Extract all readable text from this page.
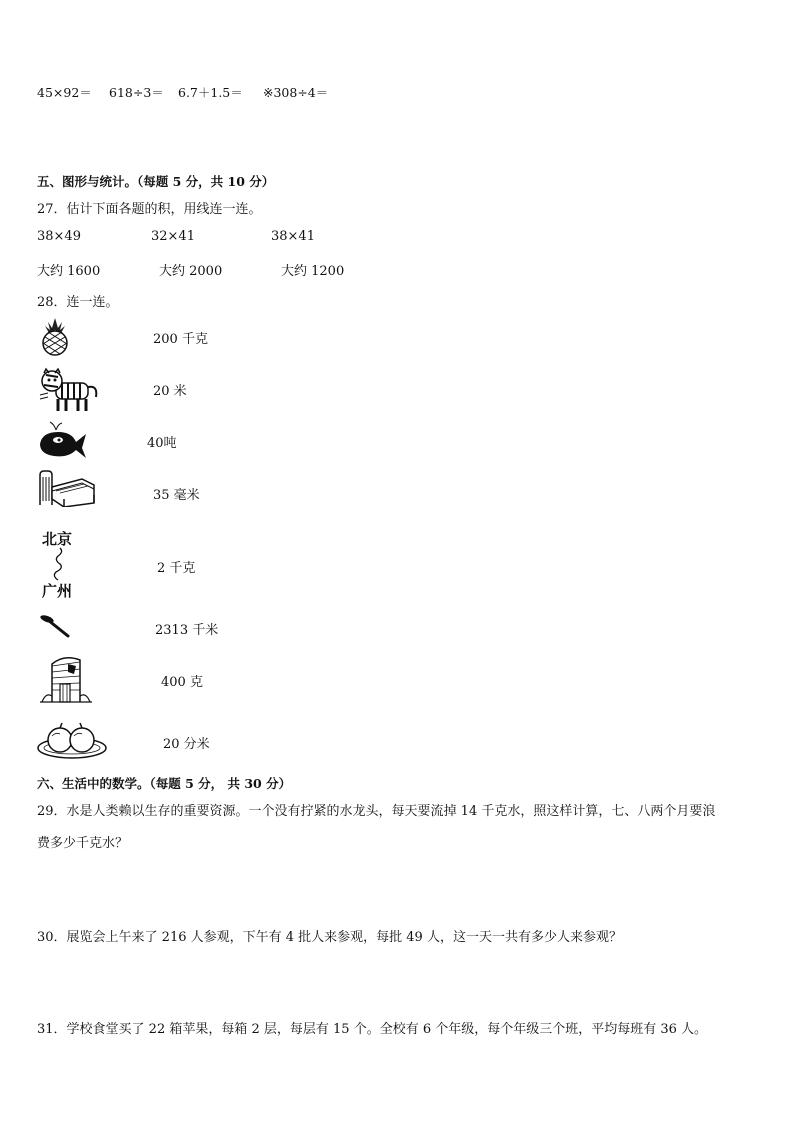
45×92＝ 618÷3＝ 6.7＋1.5＝ ※308÷4＝
五、图形与统计。（每题 5 分，共 10 分）
27．估计下面各题的积，用线连一连。
38×49	32×41	38×41
大约 1600	大约 2000	大约 1200
28．连一连。
200 千克
20 米
40吨
35 毫米
北京
广州
2 千克
2313 千米
400 克
20 分米
六、生活中的数学。（每题 5 分， 共 30 分）
29．水是人类赖以生存的重要资源。一个没有拧紧的水龙头，每天要流掉 14 千克水，照这样计算，七、八两个月要浪
费多少千克水？
30．展览会上午来了 216 人参观，下午有 4 批人来参观，每批 49 人，这一天一共有多少人来参观？
31．学校食堂买了 22 箱苹果，每箱 2 层，每层有 15 个。全校有 6 个年级，每个年级三个班，平均每班有 36 人。
